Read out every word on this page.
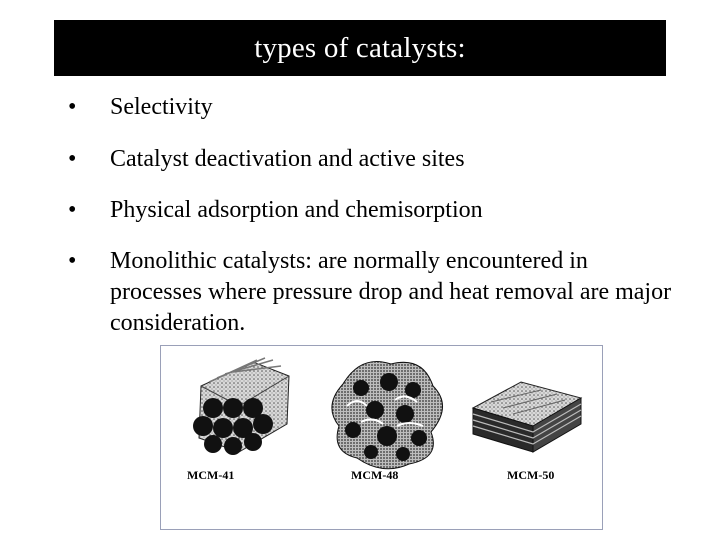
types of catalysts:
•	Selectivity
•	Catalyst deactivation and active sites
•	Physical adsorption and chemisorption
•	Monolithic catalysts: are normally encountered in processes where pressure drop and heat removal are major consideration.
MCM-41	MCM-48	MCM-50
